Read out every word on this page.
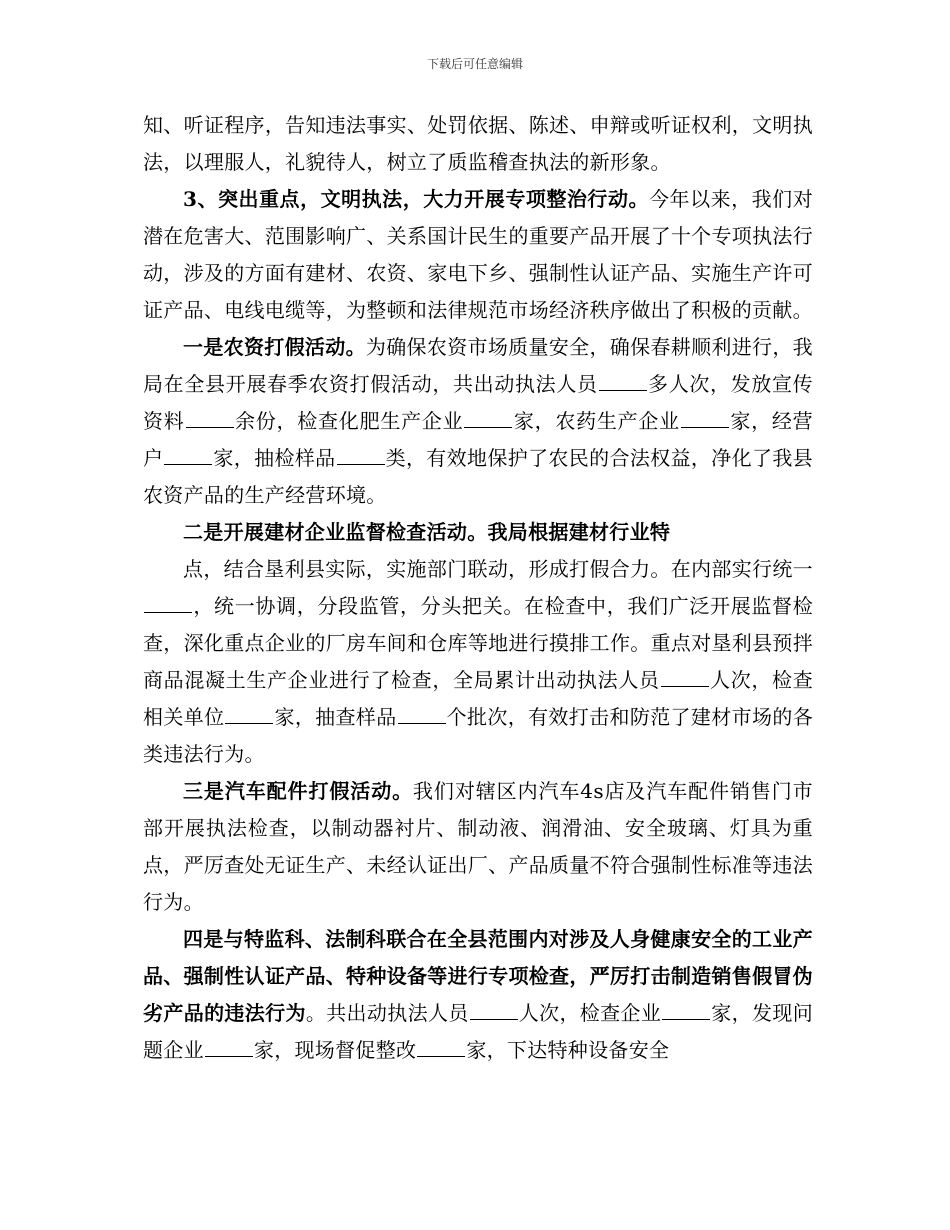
下载后可任意编辑

知、听证程序，告知违法事实、处罚依据、陈述、申辩或听证权利，文明执法，以理服人，礼貌待人，树立了质监稽查执法的新形象。

3、突出重点，文明执法，大力开展专项整治行动。今年以来，我们对潜在危害大、范围影响广、关系国计民生的重要产品开展了十个专项执法行动，涉及的方面有建材、农资、家电下乡、强制性认证产品、实施生产许可证产品、电线电缆等，为整顿和法律规范市场经济秩序做出了积极的贡献。

一是农资打假活动。为确保农资市场质量安全，确保春耕顺利进行，我局在全县开展春季农资打假活动，共出动执法人员	多人次，发放宣传资料	余份，检查化肥生产企业	家，农药生产企业	家，经营户	家，抽检样品	类，有效地保护了农民的合法权益，净化了我县农资产品的生产经营环境。

二是开展建材企业监督检查活动。我局根据建材行业特

点，结合垦利县实际，实施部门联动，形成打假合力。在内部实行统一，统一协调，分段监管，分头把关。在检查中，我们广泛开展监督检查，深化重点企业的厂房车间和仓库等地进行摸排工作。重点对垦利县预拌商品混凝土生产企业进行了检查，全局累计出动执法人员	人次，检查相关单位	家，抽查样品	个批次，有效打击和防范了建材市场的各类违法行为。

三是汽车配件打假活动。我们对辖区内汽车4s店及汽车配件销售门市部开展执法检查，以制动器衬片、制动液、润滑油、安全玻璃、灯具为重点，严厉查处无证生产、未经认证出厂、产品质量不符合强制性标准等违法行为。

四是与特监科、法制科联合在全县范围内对涉及人身健康安全的工业产品、强制性认证产品、特种设备等进行专项检查，严厉打击制造销售假冒伪劣产品的违法行为。共出动执法人员	人次，检查企业	家，发现问题企业	家，现场督促整改	家，下达特种设备安全
